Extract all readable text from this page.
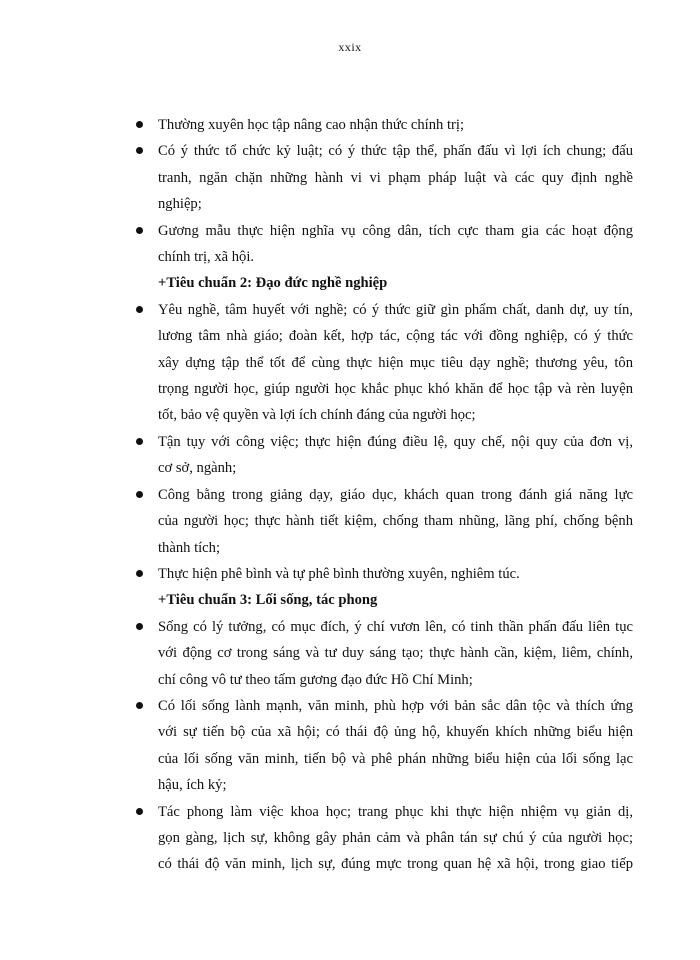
xxix
Thường xuyên học tập nâng cao nhận thức chính trị;
Có ý thức tổ chức kỷ luật; có ý thức tập thể, phấn đấu vì lợi ích chung; đấu
tranh, ngăn chặn những hành vi vi phạm pháp luật và các quy định nghề
nghiệp;
Gương mẫu thực hiện nghĩa vụ công dân, tích cực tham gia các hoạt động
chính trị, xã hội.
+Tiêu chuẩn 2: Đạo đức nghề nghiệp
Yêu nghề, tâm huyết với nghề; có ý thức giữ gìn phẩm chất, danh dự, uy tín,
lương tâm nhà giáo; đoàn kết, hợp tác, cộng tác với đồng nghiệp, có ý thức
xây dựng tập thể tốt để cùng thực hiện mục tiêu dạy nghề; thương yêu, tôn
trọng người học, giúp người học khắc phục khó khăn để học tập và rèn luyện
tốt, bảo vệ quyền và lợi ích chính đáng của người học;
Tận tụy với công việc; thực hiện đúng điều lệ, quy chế, nội quy của đơn vị,
cơ sở, ngành;
Công bằng trong giảng dạy, giáo dục, khách quan trong đánh giá năng lực
của người học; thực hành tiết kiệm, chống tham nhũng, lãng phí, chống bệnh
thành tích;
Thực hiện phê bình và tự phê bình thường xuyên, nghiêm túc.
+Tiêu chuẩn 3: Lối sống, tác phong
Sống có lý tưởng, có mục đích, ý chí vươn lên, có tinh thần phấn đấu liên tục
với động cơ trong sáng và tư duy sáng tạo; thực hành cần, kiệm, liêm, chính,
chí công vô tư theo tấm gương đạo đức Hồ Chí Minh;
Có lối sống lành mạnh, văn minh, phù hợp với bản sắc dân tộc và thích ứng
với sự tiến bộ của xã hội; có thái độ ủng hộ, khuyến khích những biểu hiện
của lối sống văn minh, tiến bộ và phê phán những biểu hiện của lối sống lạc
hậu, ích kỷ;
Tác phong làm việc khoa học; trang phục khi thực hiện nhiệm vụ giản dị,
gọn gàng, lịch sự, không gây phản cảm và phân tán sự chú ý của người học;
có thái độ văn minh, lịch sự, đúng mực trong quan hệ xã hội, trong giao tiếp
